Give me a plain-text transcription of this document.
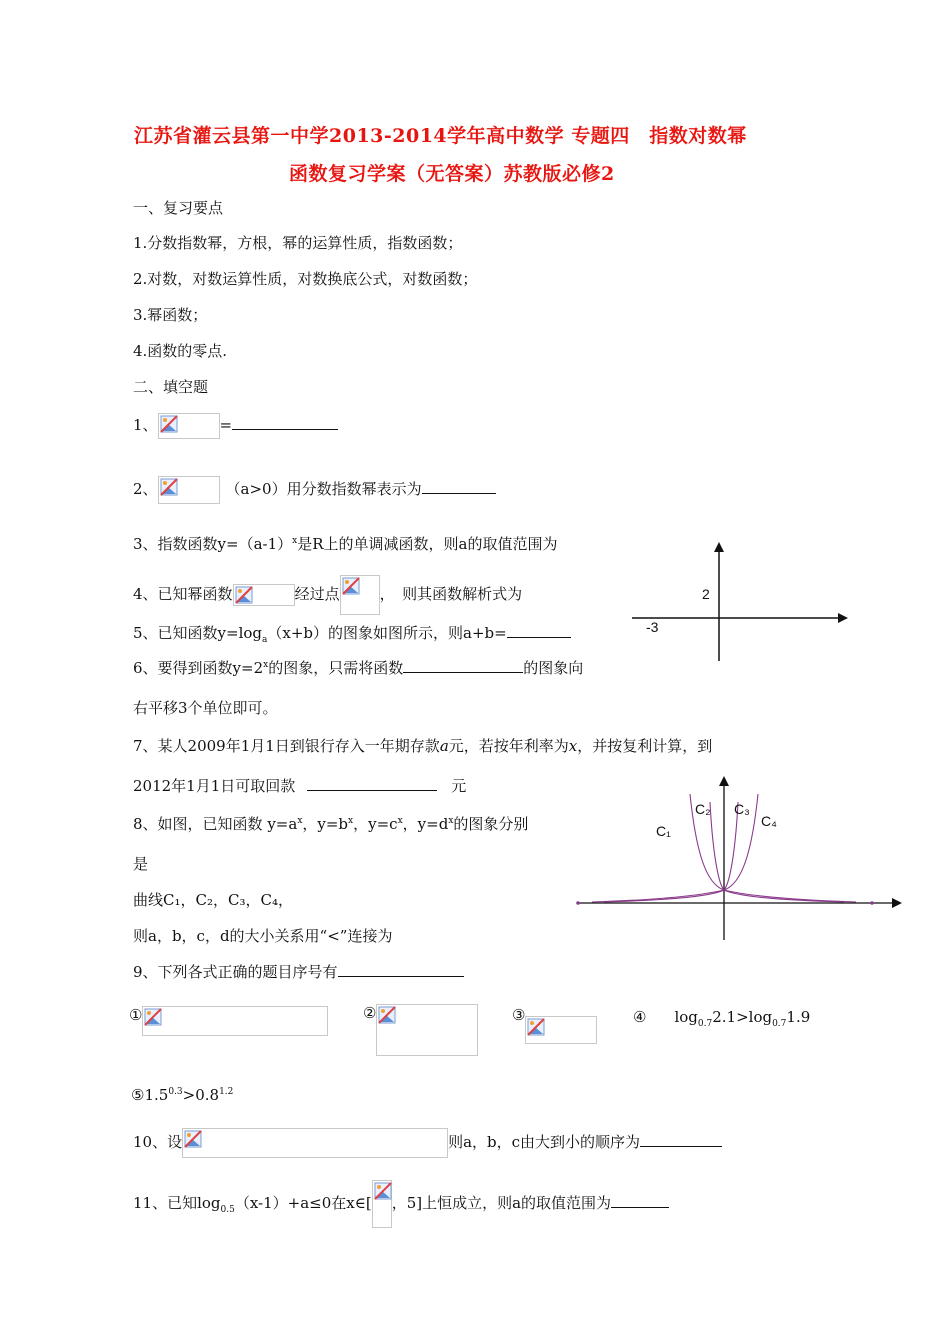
江苏省灌云县第一中学2013-2014学年高中数学 专题四　指数对数幂
函数复习学案（无答案）苏教版必修2
一、复习要点
1.分数指数幂，方根，幂的运算性质，指数函数；
2.对数，对数运算性质，对数换底公式，对数函数；
3.幂函数；
4.函数的零点.
二、填空题
1、	=
2、	（a>0）用分数指数幂表示为
3、指数函数$y=(a-1)^x$是R上的单调减函数，则a的取值范围为
4、已知幂函数	经过点	，　则其函数解析式为	2
-3
5、已知函数$y=\log_a(x+b)$的图象如图所示，则a+b=
6、要得到函数$y=2^x$的图象，只需将函数	的图象向
右平移3个单位即可。
7、某人2009年1月1日到银行存入一年期存款a元，若按年利率为x，并按复利计算，到
2012年1月1日可取回款	元
C₁
C₂ C₃
C₄
8、如图，已知函数 $y=a^x$，$y=b^x$，$y=c^x$，$y=d^x$的图象分别
是
曲线C₁，C₂，C₃，C₄，
则a，b，c，d的大小关系用“<”连接为
9、下列各式正确的题目序号有
①	②	③	④ $\log_{0.7}2.1>\log_{0.7}1.9$
$⑤1.5^{0.3}>0.8^{1.2}$
10、设	则a，b，c由大到小的顺序为
11、已知$\log_{0.5}(x-1)+a\le 0$在x∈[ ，5]上恒成立，则a的取值范围为
